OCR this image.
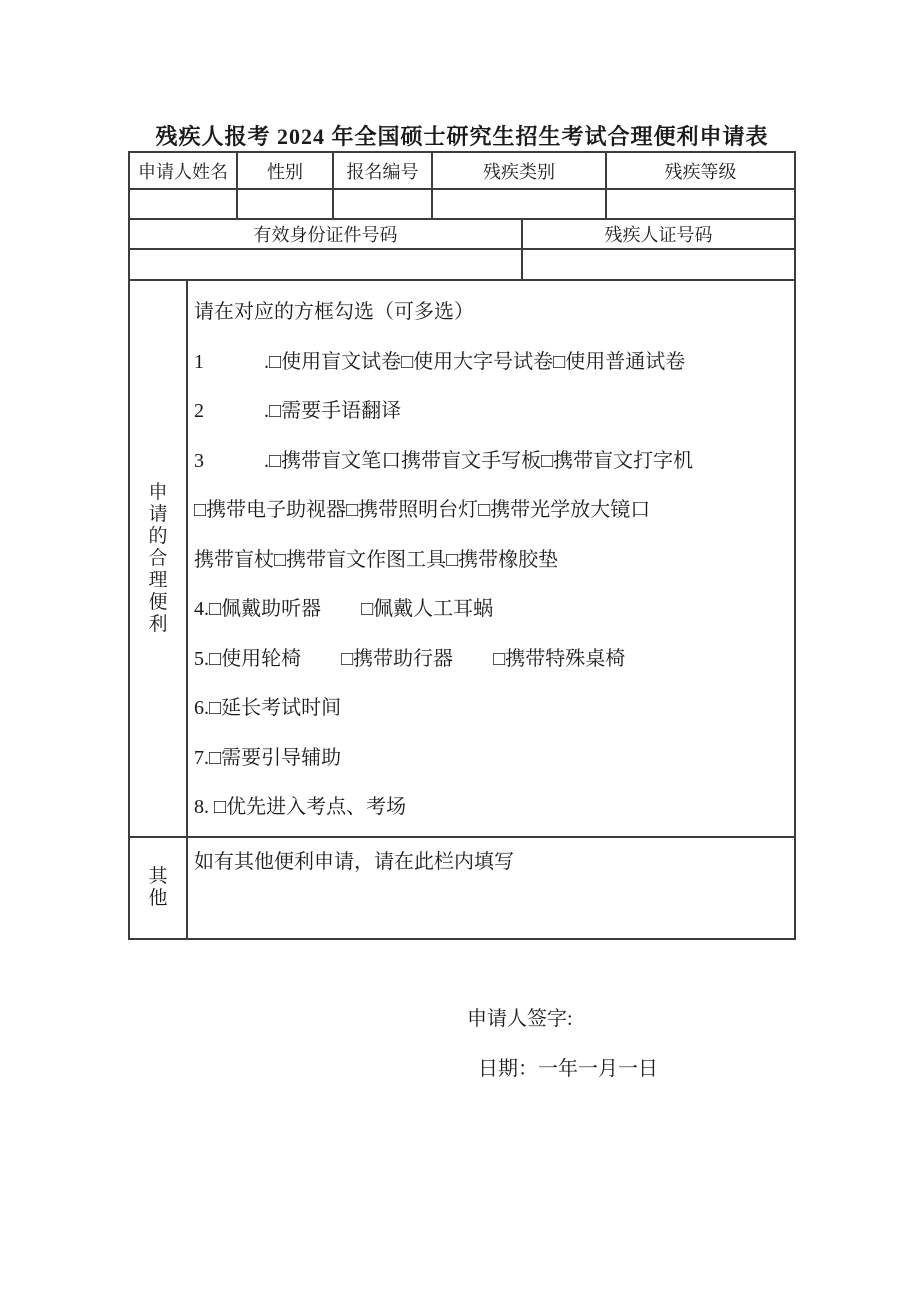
残疾人报考 2024 年全国硕士研究生招生考试合理便利申请表
申请人姓名	性别	报名编号	残疾类别	残疾等级
有效身份证件号码	残疾人证号码
申请的合理便利
请在对应的方框勾选（可多选）
1　　　.□使用盲文试卷□使用大字号试卷□使用普通试卷
2　　　.□需要手语翻译
3　　　.□携带盲文笔口携带盲文手写板□携带盲文打字机
□携带电子助视器□携带照明台灯□携带光学放大镜口
携带盲杖□携带盲文作图工具□携带橡胶垫
4.□佩戴助听器　　□佩戴人工耳蜗
5.□使用轮椅　　□携带助行器　　□携带特殊桌椅
6.□延长考试时间
7.□需要引导辅助
8. □优先进入考点、考场
其他
如有其他便利申请，请在此栏内填写
申请人签字:
日期：一年一月一日
